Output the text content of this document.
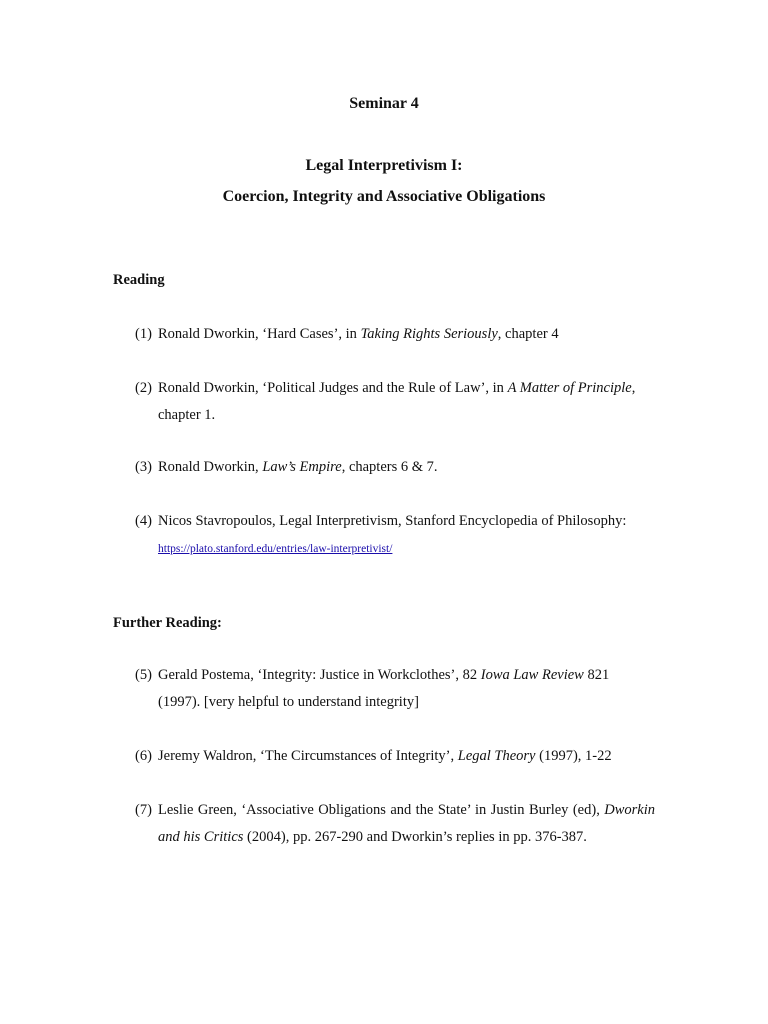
Seminar 4
Legal Interpretivism I:
Coercion, Integrity and Associative Obligations
Reading
(1) Ronald Dworkin, ‘Hard Cases’, in Taking Rights Seriously, chapter 4
(2) Ronald Dworkin, ‘Political Judges and the Rule of Law’, in A Matter of Principle, chapter 1.
(3) Ronald Dworkin, Law’s Empire, chapters 6 & 7.
(4) Nicos Stavropoulos, Legal Interpretivism, Stanford Encyclopedia of Philosophy:
https://plato.stanford.edu/entries/law-interpretivist/
Further Reading:
(5) Gerald Postema, ‘Integrity: Justice in Workclothes’, 82 Iowa Law Review 821 (1997). [very helpful to understand integrity]
(6) Jeremy Waldron, ‘The Circumstances of Integrity’, Legal Theory (1997), 1-22
(7) Leslie Green, ‘Associative Obligations and the State’ in Justin Burley (ed), Dworkin and his Critics (2004), pp. 267-290 and Dworkin’s replies in pp. 376-387.
